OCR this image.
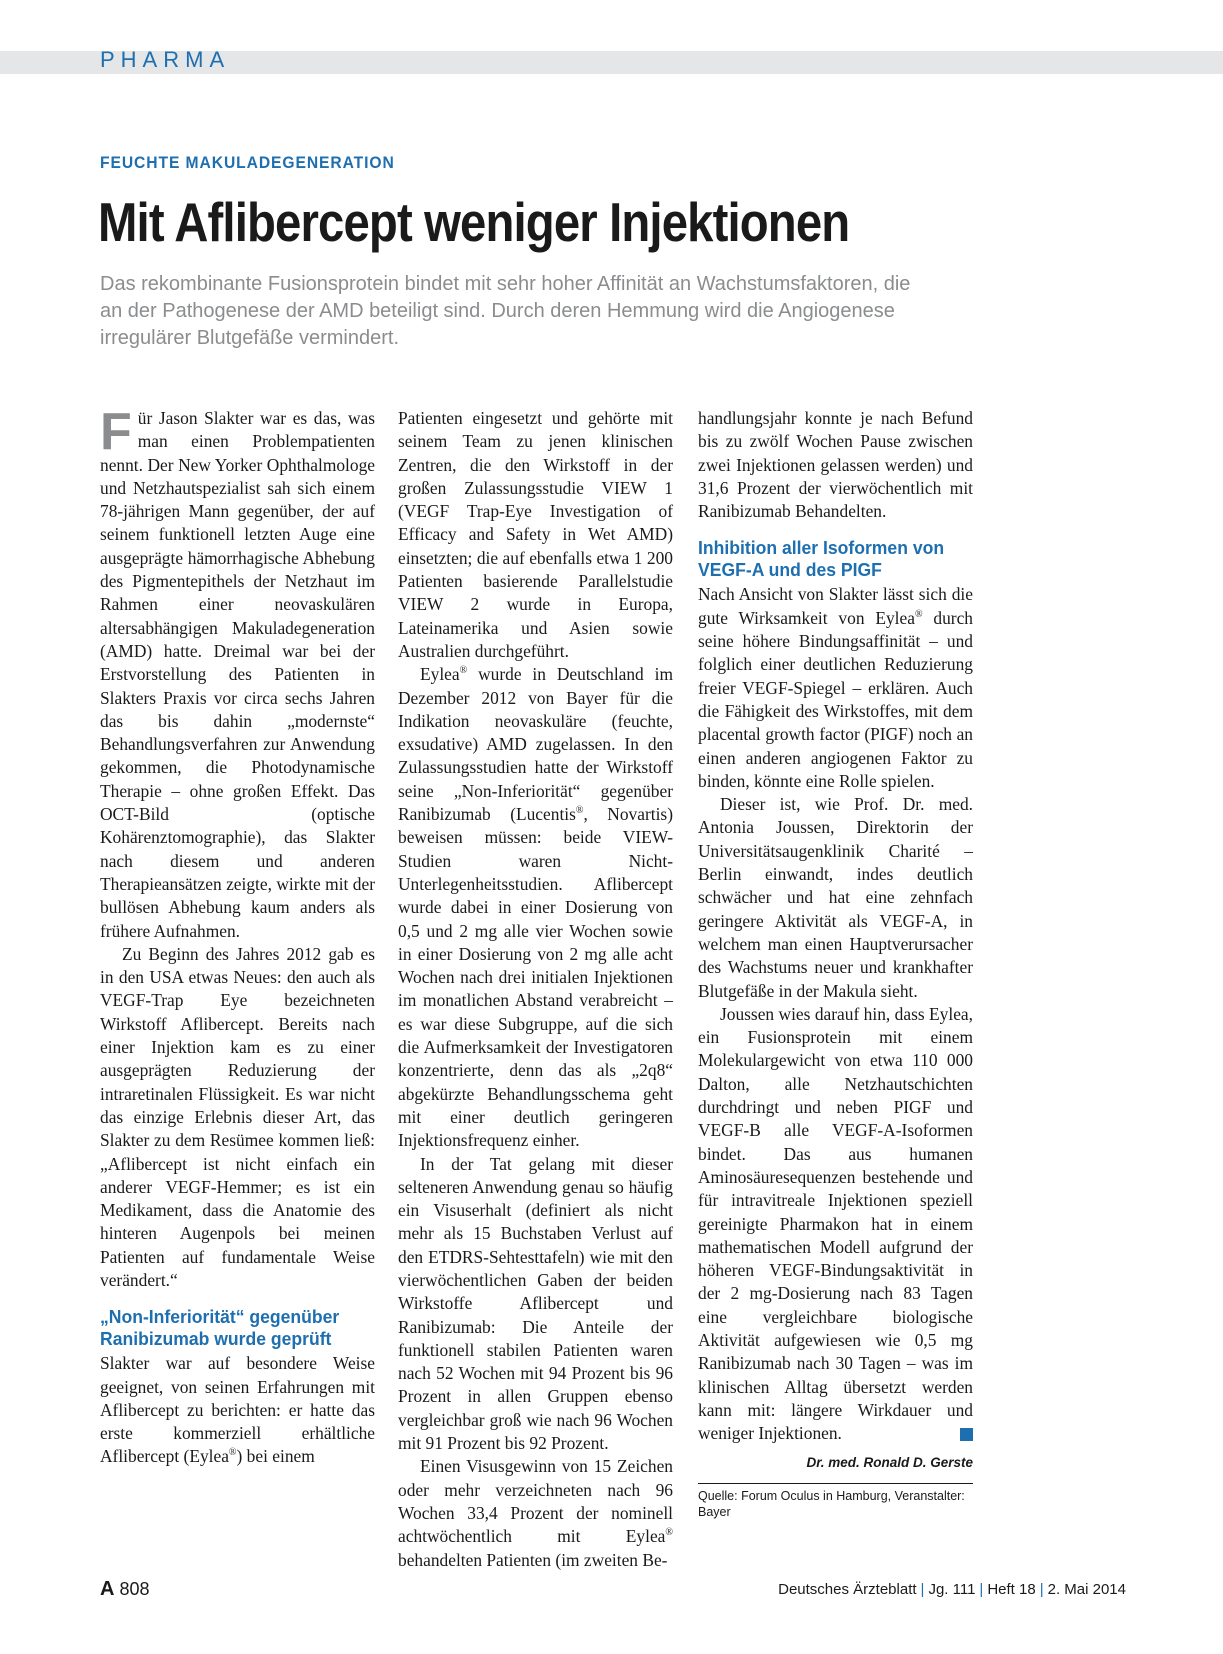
PHARMA
FEUCHTE MAKULADEGENERATION
Mit Aflibercept weniger Injektionen

Das rekombinante Fusionsprotein bindet mit sehr hoher Affinität an Wachstumsfaktoren, die an der Pathogenese der AMD beteiligt sind. Durch deren Hemmung wird die Angiogenese irregulärer Blutgefäße vermindert.

Für Jason Slakter war es das, was man einen Problempatienten nennt. Der New Yorker Ophthalmologe und Netzhautspezialist sah sich einem 78-jährigen Mann gegenüber, der auf seinem funktionell letzten Auge eine ausgeprägte hämorrhagische Abhebung des Pigmentepithels der Netzhaut im Rahmen einer neovaskulären altersabhängigen Makuladegeneration (AMD) hatte. Dreimal war bei der Erstvorstellung des Patienten in Slakters Praxis vor circa sechs Jahren das bis dahin „modernste“ Behandlungsverfahren zur Anwendung gekommen, die Photodynamische Therapie – ohne großen Effekt. Das OCT-Bild (optische Kohärenztomographie), das Slakter nach diesem und anderen Therapieansätzen zeigte, wirkte mit der bullösen Abhebung kaum anders als frühere Aufnahmen.

Zu Beginn des Jahres 2012 gab es in den USA etwas Neues: den auch als VEGF-Trap Eye bezeichneten Wirkstoff Aflibercept. Bereits nach einer Injektion kam es zu einer ausgeprägten Reduzierung der intraretinalen Flüssigkeit. Es war nicht das einzige Erlebnis dieser Art, das Slakter zu dem Resümee kommen ließ: „Aflibercept ist nicht einfach ein anderer VEGF-Hemmer; es ist ein Medikament, dass die Anatomie des hinteren Augenpols bei meinen Patienten auf fundamentale Weise verändert.“

„Non-Inferiorität“ gegenüber Ranibizumab wurde geprüft

Slakter war auf besondere Weise geeignet, von seinen Erfahrungen mit Aflibercept zu berichten: er hatte das erste kommerziell erhältliche Aflibercept (Eylea®) bei einem

handlungsjahr konnte je nach Befund bis zu zwölf Wochen Pause zwischen zwei Injektionen gelassen werden) und 31,6 Prozent der vierwöchentlich mit Ranibizumab Behandelten.

Inhibition aller Isoformen von VEGF-A und des PIGF

Nach Ansicht von Slakter lässt sich die gute Wirksamkeit von Eylea® durch seine höhere Bindungsaffinität – und folglich einer deutlichen Reduzierung freier VEGF-Spiegel – erklären. Auch die Fähigkeit des Wirkstoffes, mit dem placental growth factor (PIGF) noch an einen anderen angiogenen Faktor zu binden, könnte eine Rolle spielen.

Dieser ist, wie Prof. Dr. med. Antonia Joussen, Direktorin der Universitätsaugenklinik Charité – Berlin einwandt, indes deutlich schwächer und hat eine zehnfach geringere Aktivität als VEGF-A, in welchem man einen Hauptverursacher des Wachstums neuer und krankhafter Blutgefäße in der Makula sieht.

Joussen wies darauf hin, dass Eylea, ein Fusionsprotein mit einem Molekulargewicht von etwa 110 000 Dalton, alle Netzhautschichten durchdringt und neben PIGF und VEGF-B alle VEGF-A-Isoformen bindet. Das aus humanen Aminosäuresequenzen bestehende und für intravitreale Injektionen speziell gereinigte Pharmakon hat in einem mathematischen Modell aufgrund der höheren VEGF-Bindungsaktivität in der 2 mg-Dosierung nach 83 Tagen eine vergleichbare biologische Aktivität aufgewiesen wie 0,5 mg Ranibizumab nach 30 Tagen – was im klinischen Alltag übersetzt werden kann mit: längere Wirkdauer und weniger Injektionen.

Dr. med. Ronald D. Gerste
Quelle: Forum Oculus in Hamburg, Veranstalter: Bayer
A 808	Deutsches Ärzteblatt | Jg. 111 | Heft 18 | 2. Mai 2014

Patienten eingesetzt und gehörte mit seinem Team zu jenen klinischen Zentren, die den Wirkstoff in der großen Zulassungsstudie VIEW 1 (VEGF Trap-Eye Investigation of Efficacy and Safety in Wet AMD) einsetzten; die auf ebenfalls etwa 1 200 Patienten basierende Parallelstudie VIEW 2 wurde in Europa, Lateinamerika und Asien sowie Australien durchgeführt.

Eylea® wurde in Deutschland im Dezember 2012 von Bayer für die Indikation neovaskuläre (feuchte, exsudative) AMD zugelassen. In den Zulassungsstudien hatte der Wirkstoff seine „Non-Inferiorität“ gegenüber Ranibizumab (Lucentis®, Novartis) beweisen müssen: beide VIEW-Studien waren Nicht-Unterlegenheitsstudien. Aflibercept wurde dabei in einer Dosierung von 0,5 und 2 mg alle vier Wochen sowie in einer Dosierung von 2 mg alle acht Wochen nach drei initialen Injektionen im monatlichen Abstand verabreicht – es war diese Subgruppe, auf die sich die Aufmerksamkeit der Investigatoren konzentrierte, denn das als „2q8“ abgekürzte Behandlungsschema geht mit einer deutlich geringeren Injektionsfrequenz einher.

In der Tat gelang mit dieser selteneren Anwendung genau so häufig ein Visuserhalt (definiert als nicht mehr als 15 Buchstaben Verlust auf den ETDRS-Sehtesttafeln) wie mit den vierwöchentlichen Gaben der beiden Wirkstoffe Aflibercept und Ranibizumab: Die Anteile der funktionell stabilen Patienten waren nach 52 Wochen mit 94 Prozent bis 96 Prozent in allen Gruppen ebenso vergleichbar groß wie nach 96 Wochen mit 91 Prozent bis 92 Prozent.

Einen Visusgewinn von 15 Zeichen oder mehr verzeichneten nach 96 Wochen 33,4 Prozent der nominell achtwöchentlich mit Eylea® behandelten Patienten (im zweiten Be-
